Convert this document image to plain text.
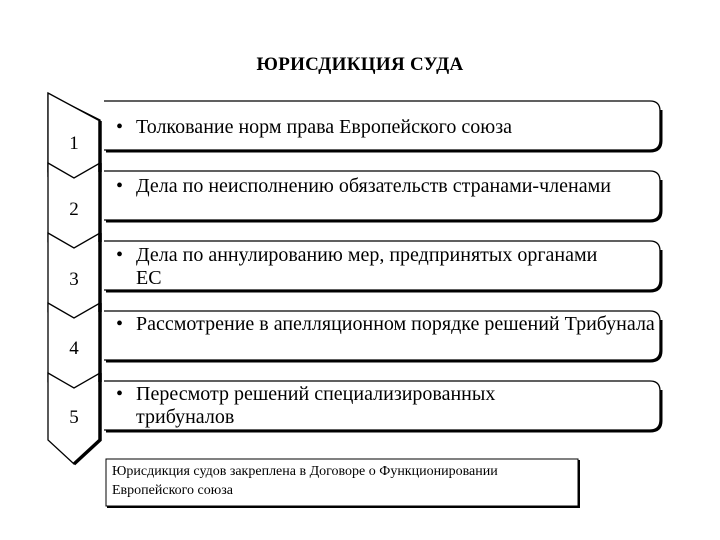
ЮРИСДИКЦИЯ СУДА
1
2
3
4
5
• Толкование норм права Европейского союза
• Дела по неисполнению обязательств странами-членами
• Дела по аннулированию мер, предпринятых органами ЕС
• Рассмотрение в апелляционном порядке решений Трибунала
• Пересмотр решений специализированных трибуналов
Юрисдикция судов закреплена в Договоре о Функционировании Европейского союза
